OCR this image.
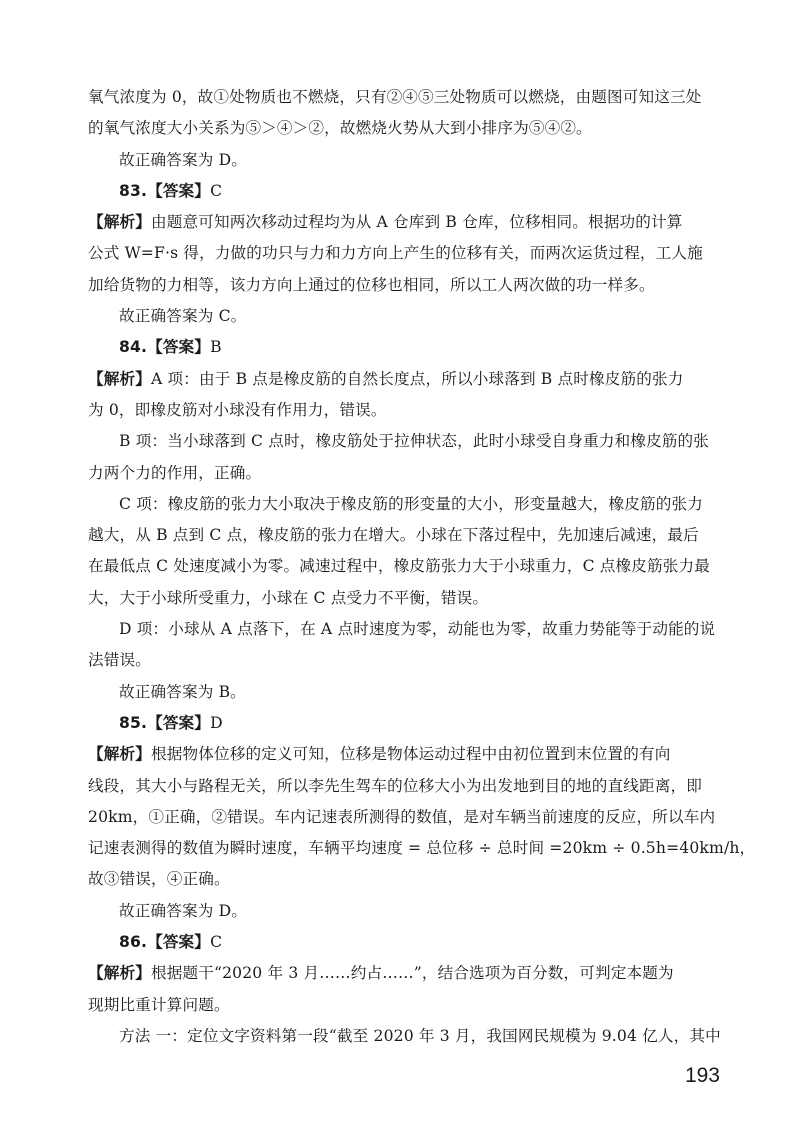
氧气浓度为 0，故①处物质也不燃烧，只有②④⑤三处物质可以燃烧，由题图可知这三处
的氧气浓度大小关系为⑤＞④＞②，故燃烧火势从大到小排序为⑤④②。
故正确答案为 D。
83.【答案】C
【解析】由题意可知两次移动过程均为从 A 仓库到 B 仓库，位移相同。根据功的计算
公式 W=F·s 得，力做的功只与力和力方向上产生的位移有关，而两次运货过程，工人施
加给货物的力相等，该力方向上通过的位移也相同，所以工人两次做的功一样多。
故正确答案为 C。
84.【答案】B
【解析】A 项：由于 B 点是橡皮筋的自然长度点，所以小球落到 B 点时橡皮筋的张力
为 0，即橡皮筋对小球没有作用力，错误。
B 项：当小球落到 C 点时，橡皮筋处于拉伸状态，此时小球受自身重力和橡皮筋的张
力两个力的作用，正确。
C 项：橡皮筋的张力大小取决于橡皮筋的形变量的大小，形变量越大，橡皮筋的张力
越大，从 B 点到 C 点，橡皮筋的张力在增大。小球在下落过程中，先加速后减速，最后
在最低点 C 处速度减小为零。减速过程中，橡皮筋张力大于小球重力，C 点橡皮筋张力最
大，大于小球所受重力，小球在 C 点受力不平衡，错误。
D 项：小球从 A 点落下，在 A 点时速度为零，动能也为零，故重力势能等于动能的说
法错误。
故正确答案为 B。
85.【答案】D
【解析】根据物体位移的定义可知，位移是物体运动过程中由初位置到末位置的有向
线段，其大小与路程无关，所以李先生驾车的位移大小为出发地到目的地的直线距离，即
20km，①正确，②错误。车内记速表所测得的数值，是对车辆当前速度的反应，所以车内
记速表测得的数值为瞬时速度，车辆平均速度 = 总位移 ÷ 总时间 =20km ÷ 0.5h=40km/h，
故③错误，④正确。
故正确答案为 D。
86.【答案】C
【解析】根据题干“2020 年 3 月……约占……”，结合选项为百分数，可判定本题为
现期比重计算问题。
方法 一：定位文字资料第一段“截至 2020 年 3 月，我国网民规模为 9.04 亿人，其中
193
